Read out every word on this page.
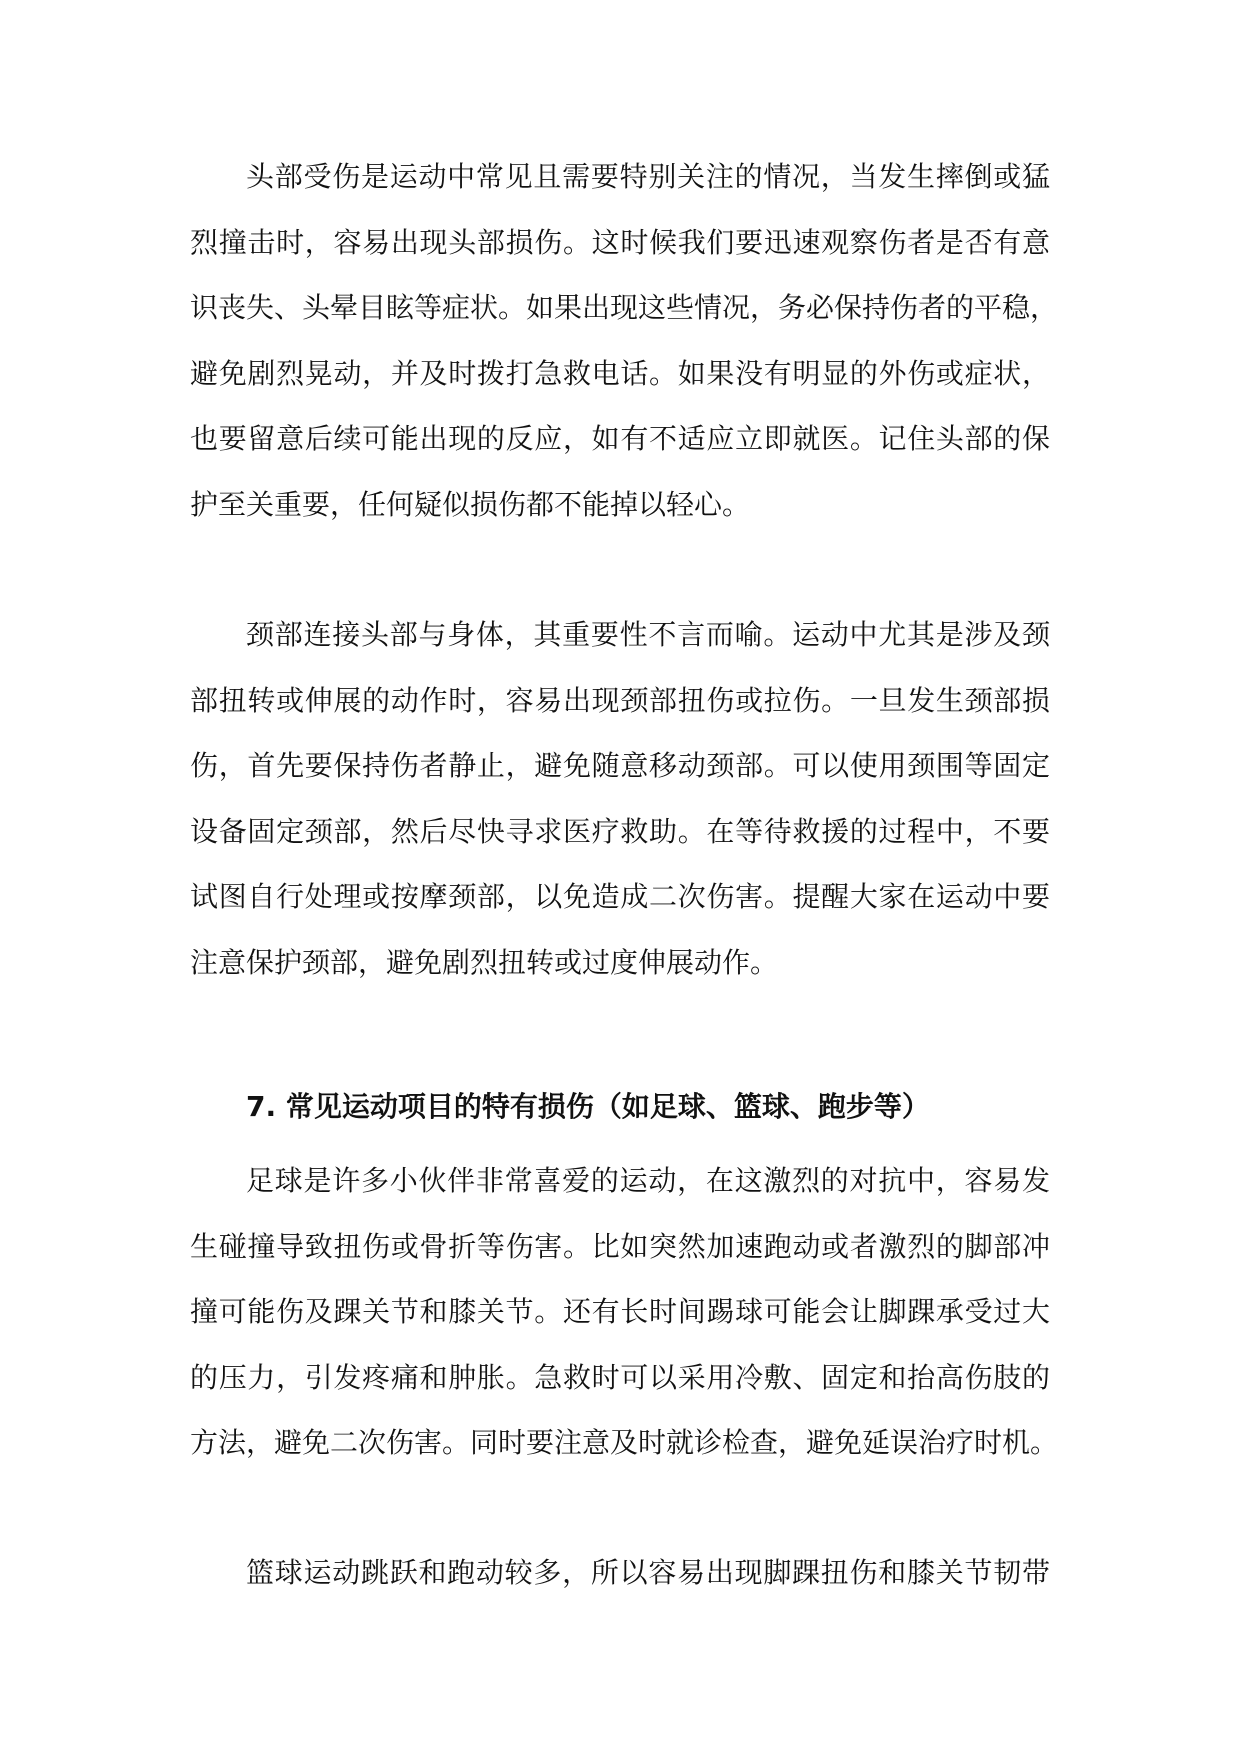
头部受伤是运动中常见且需要特别关注的情况，当发生摔倒或猛
烈撞击时，容易出现头部损伤。这时候我们要迅速观察伤者是否有意
识丧失、头晕目眩等症状。如果出现这些情况，务必保持伤者的平稳，
避免剧烈晃动，并及时拨打急救电话。如果没有明显的外伤或症状，
也要留意后续可能出现的反应，如有不适应立即就医。记住头部的保
护至关重要，任何疑似损伤都不能掉以轻心。
颈部连接头部与身体，其重要性不言而喻。运动中尤其是涉及颈
部扭转或伸展的动作时，容易出现颈部扭伤或拉伤。一旦发生颈部损
伤，首先要保持伤者静止，避免随意移动颈部。可以使用颈围等固定
设备固定颈部，然后尽快寻求医疗救助。在等待救援的过程中，不要
试图自行处理或按摩颈部，以免造成二次伤害。提醒大家在运动中要
注意保护颈部，避免剧烈扭转或过度伸展动作。
7. 常见运动项目的特有损伤（如足球、篮球、跑步等）
足球是许多小伙伴非常喜爱的运动，在这激烈的对抗中，容易发
生碰撞导致扭伤或骨折等伤害。比如突然加速跑动或者激烈的脚部冲
撞可能伤及踝关节和膝关节。还有长时间踢球可能会让脚踝承受过大
的压力，引发疼痛和肿胀。急救时可以采用冷敷、固定和抬高伤肢的
方法，避免二次伤害。同时要注意及时就诊检查，避免延误治疗时机。
篮球运动跳跃和跑动较多，所以容易出现脚踝扭伤和膝关节韧带
